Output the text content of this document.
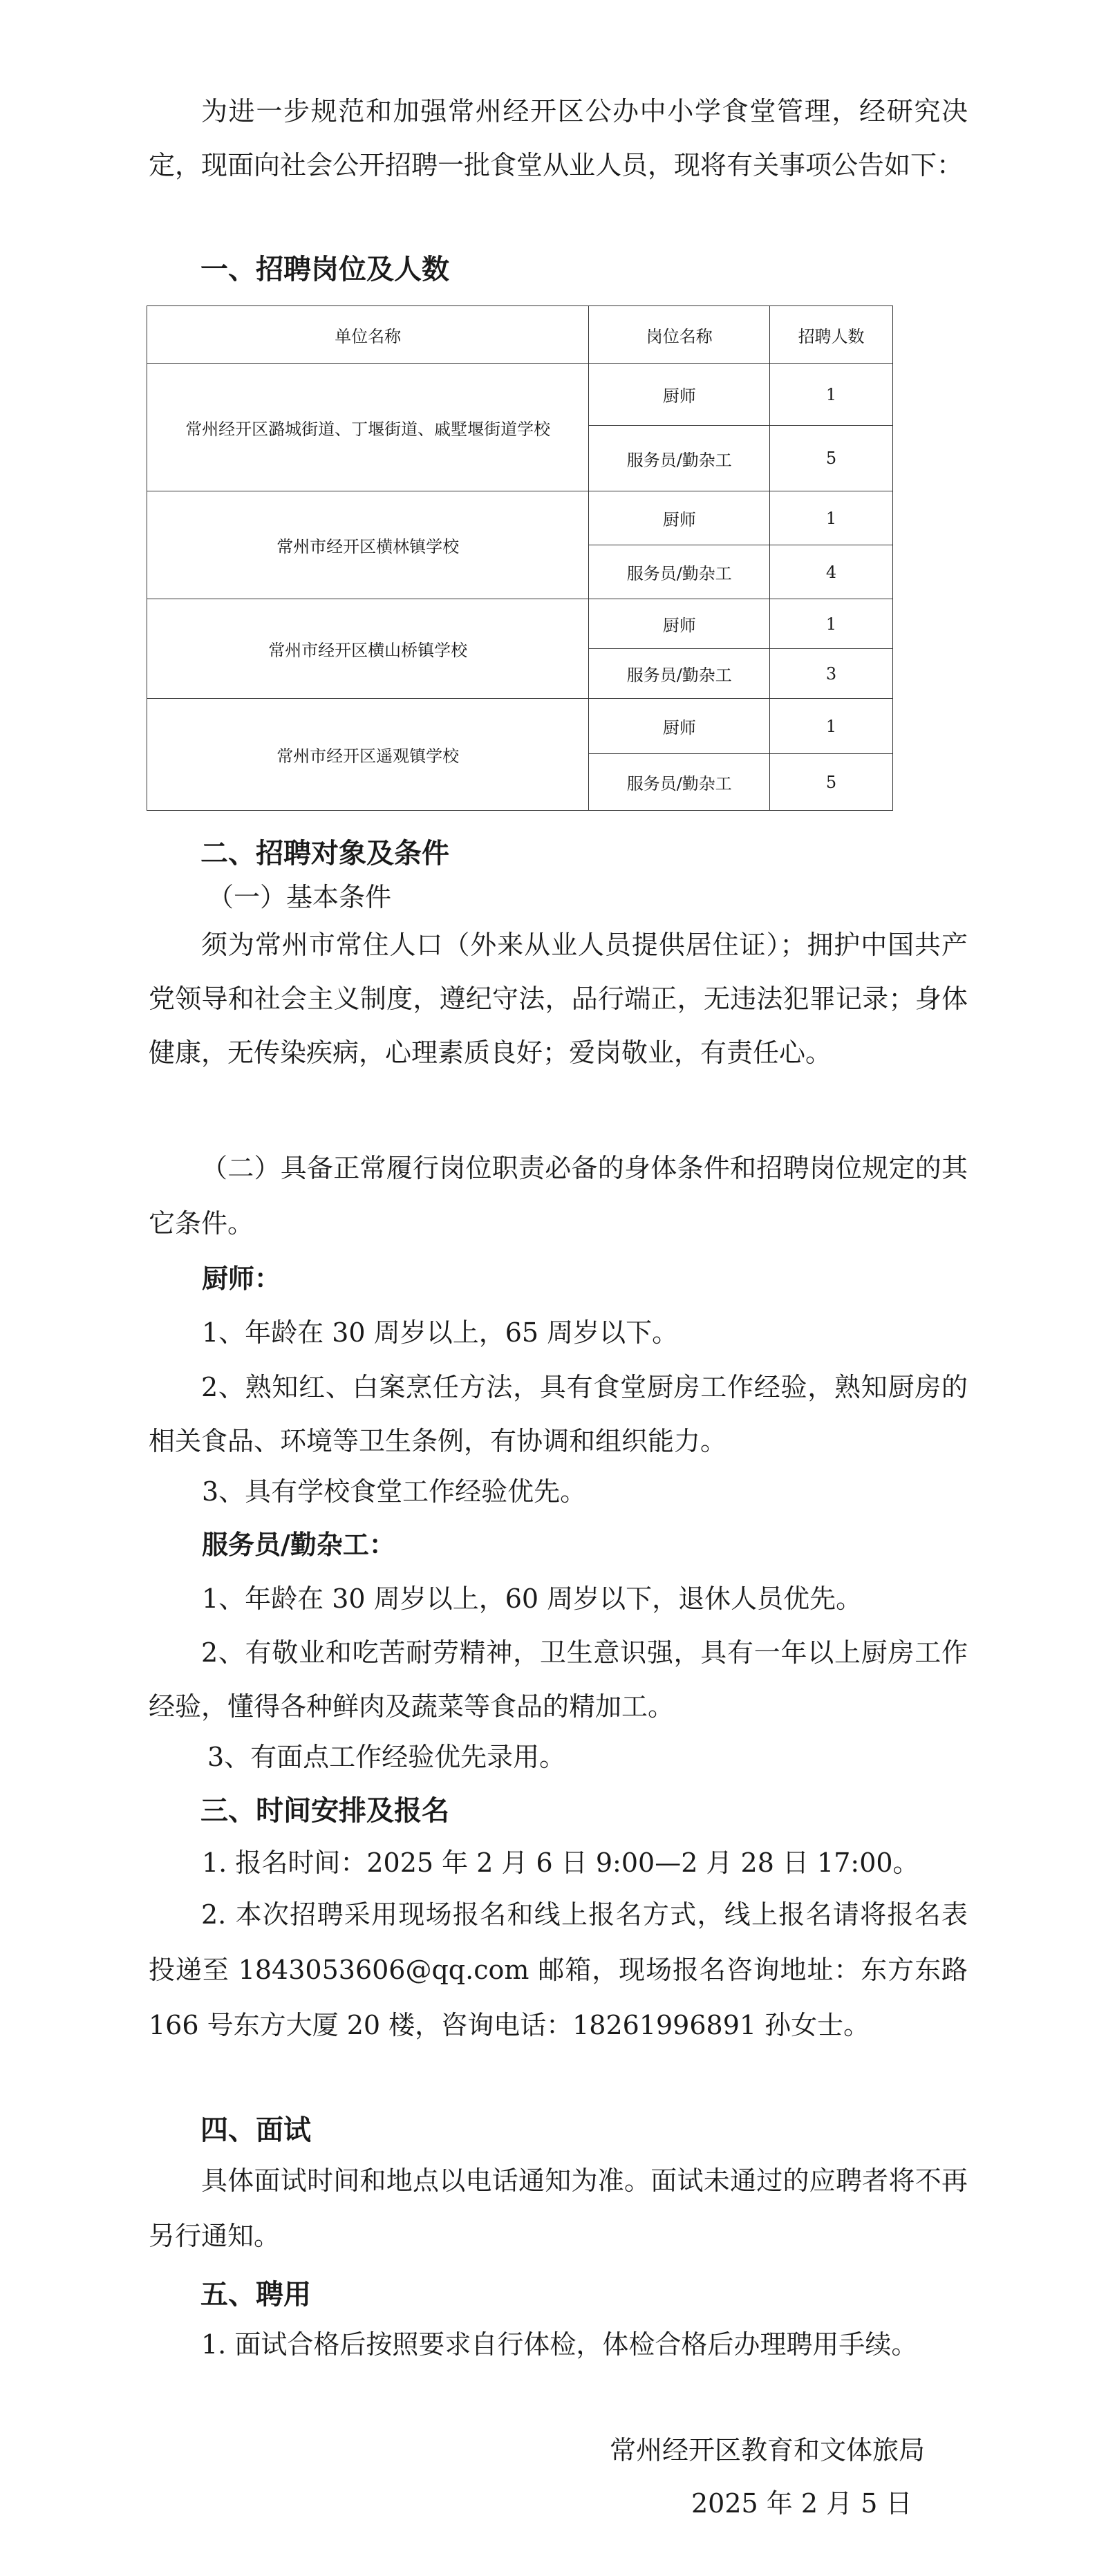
为进一步规范和加强常州经开区公办中小学食堂管理，经研究决定，现面向社会公开招聘一批食堂从业人员，现将有关事项公告如下：

一、招聘岗位及人数
单位名称	岗位名称	招聘人数
常州经开区潞城街道、丁堰街道、戚墅堰街道学校	厨师	1
	服务员/勤杂工	5
常州市经开区横林镇学校	厨师	1
	服务员/勤杂工	4
常州市经开区横山桥镇学校	厨师	1
	服务员/勤杂工	3
常州市经开区遥观镇学校	厨师	1
	服务员/勤杂工	5
二、招聘对象及条件
（一）基本条件

须为常州市常住人口（外来从业人员提供居住证）；拥护中国共产党领导和社会主义制度，遵纪守法，品行端正，无违法犯罪记录；身体健康，无传染疾病，心理素质良好；爱岗敬业，有责任心。

（二）具备正常履行岗位职责必备的身体条件和招聘岗位规定的其它条件。

厨师：
1、年龄在 30 周岁以上，65 周岁以下。

2、熟知红、白案烹任方法，具有食堂厨房工作经验，熟知厨房的相关食品、环境等卫生条例，有协调和组织能力。

3、具有学校食堂工作经验优先。
服务员/勤杂工：
1、年龄在 30 周岁以上，60 周岁以下，退休人员优先。

2、有敬业和吃苦耐劳精神，卫生意识强，具有一年以上厨房工作经验，懂得各种鲜肉及蔬菜等食品的精加工。

3、有面点工作经验优先录用。
三、时间安排及报名
1. 报名时间：2025 年 2 月 6 日 9:00—2 月 28 日 17:00。

2. 本次招聘采用现场报名和线上报名方式，线上报名请将报名表投递至 1843053606@qq.com 邮箱，现场报名咨询地址：东方东路 166 号东方大厦 20 楼，咨询电话：18261996891 孙女士。

四、面试

具体面试时间和地点以电话通知为准。面试未通过的应聘者将不再另行通知。

五、聘用

1. 面试合格后按照要求自行体检，体检合格后办理聘用手续。

常州经开区教育和文体旅局
2025 年 2 月 5 日
